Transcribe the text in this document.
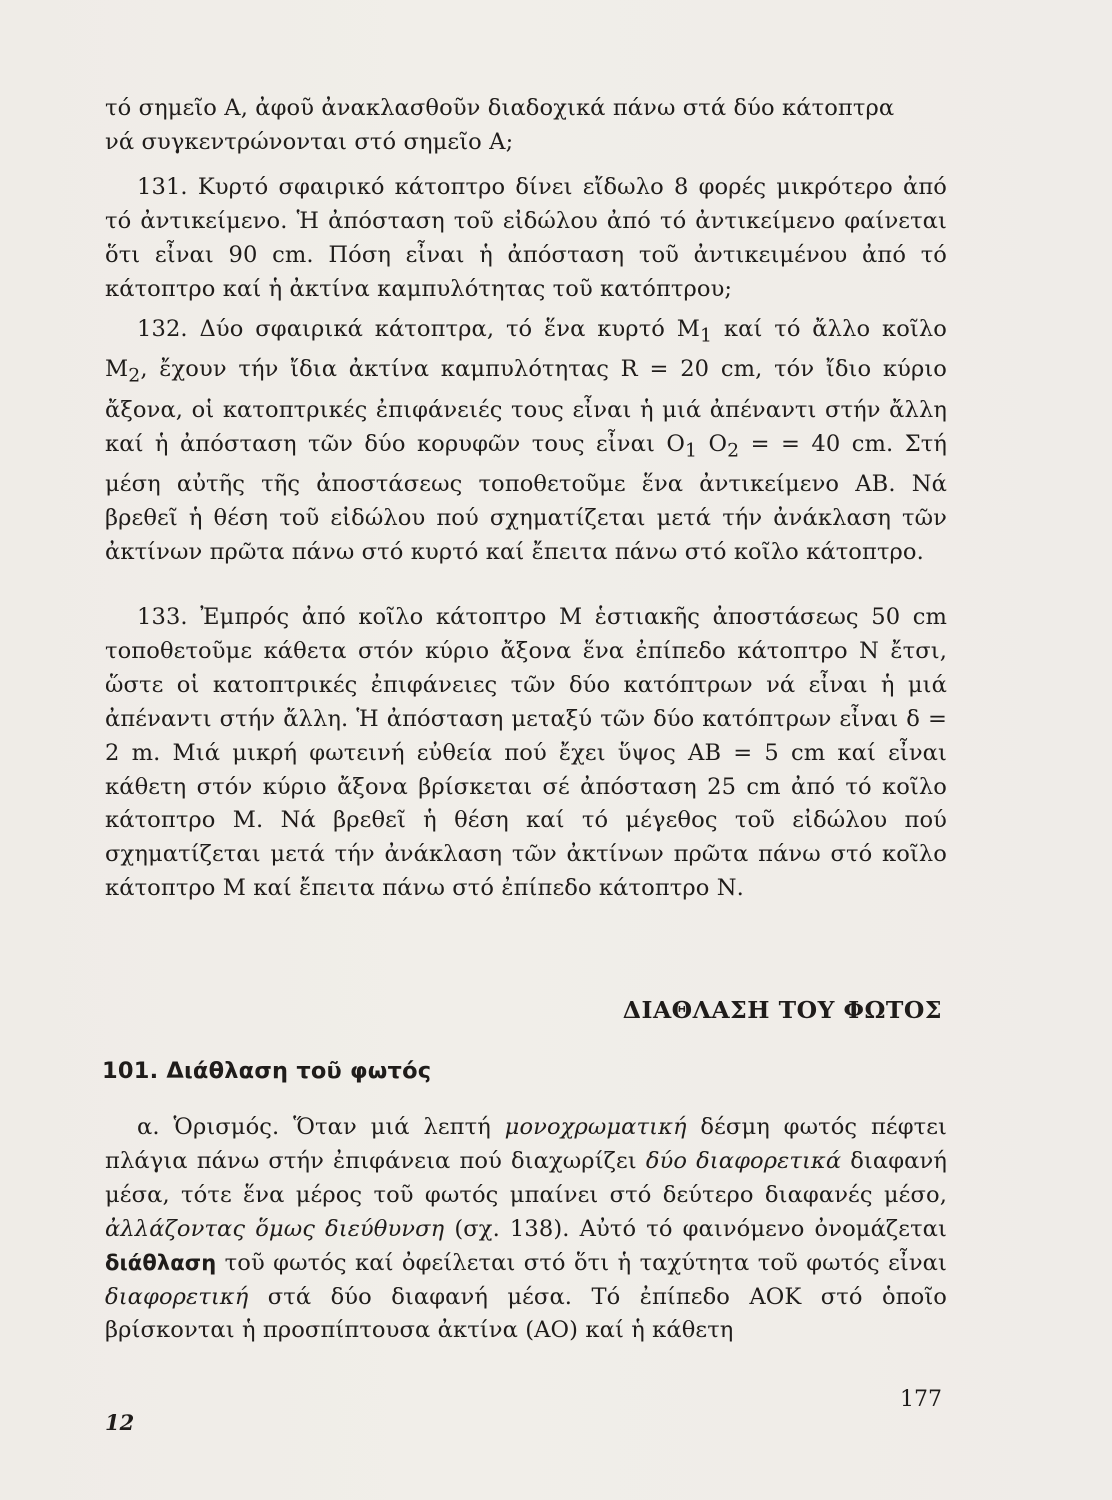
τό σημεῖο Α, ἀφοῦ ἀνακλασθοῦν διαδοχικά πάνω στά δύο κάτοπτρα

νά συγκεντρώνονται στό σημεῖο Α;

131. Κυρτό σφαιρικό κάτοπτρο δίνει εἴδωλο 8 φορές μικρότερο ἀπό τό ἀντικείμενο. Ἡ ἀπόσταση τοῦ εἰδώλου ἀπό τό ἀντικείμενο φαίνεται ὅτι εἶναι 90 cm. Πόση εἶναι ἡ ἀπόσταση τοῦ ἀντικειμένου ἀπό τό κάτοπτρο καί ἡ ἀκτίνα καμπυλότητας τοῦ κατόπτρου;

132. Δύο σφαιρικά κάτοπτρα, τό ἕνα κυρτό $M_1$ καί τό ἄλλο κοῖλο $M_2$, ἔχουν τήν ἴδια ἀκτίνα καμπυλότητας R = 20 cm, τόν ἴδιο κύριο ἄξονα, οἱ κατοπτρικές ἐπιφάνειές τους εἶναι ἡ μιά ἀπέναντι στήν ἄλλη καί ἡ ἀπόσταση τῶν δύο κορυφῶν τους εἶναι $O_1$ $O_2$ = = 40 cm. Στή μέση αὐτῆς τῆς ἀποστάσεως τοποθετοῦμε ἕνα ἀντικείμενο ΑΒ. Νά βρεθεῖ ἡ θέση τοῦ εἰδώλου πού σχηματίζεται μετά τήν ἀνάκλαση τῶν ἀκτίνων πρῶτα πάνω στό κυρτό καί ἔπειτα πάνω στό κοῖλο κάτοπτρο.

133. Ἐμπρός ἀπό κοῖλο κάτοπτρο Μ ἑστιακῆς ἀποστάσεως 50 cm τοποθετοῦμε κάθετα στόν κύριο ἄξονα ἕνα ἐπίπεδο κάτοπτρο Ν ἔτσι, ὥστε οἱ κατοπτρικές ἐπιφάνειες τῶν δύο κατόπτρων νά εἶναι ἡ μιά ἀπέναντι στήν ἄλλη. Ἡ ἀπόσταση μεταξύ τῶν δύο κατόπτρων εἶναι δ = 2 m. Μιά μικρή φωτεινή εὐθεία πού ἔχει ὕψος ΑΒ = 5 cm καί εἶναι κάθετη στόν κύριο ἄξονα βρίσκεται σέ ἀπόσταση 25 cm ἀπό τό κοῖλο κάτοπτρο Μ. Νά βρεθεῖ ἡ θέση καί τό μέγεθος τοῦ εἰδώλου πού σχηματίζεται μετά τήν ἀνάκλαση τῶν ἀκτίνων πρῶτα πάνω στό κοῖλο κάτοπτρο Μ καί ἔπειτα πάνω στό ἐπίπεδο κάτοπτρο Ν.

ΔΙΑΘΛΑΣΗ ΤΟΥ ΦΩΤΟΣ
101. Διάθλαση τοῦ φωτός

α. Ὁρισμός. Ὅταν μιά λεπτή μονοχρωματική δέσμη φωτός πέφτει πλάγια πάνω στήν ἐπιφάνεια πού διαχωρίζει δύο διαφορετικά διαφανή μέσα, τότε ἕνα μέρος τοῦ φωτός μπαίνει στό δεύτερο διαφανές μέσο, ἀλλάζοντας ὅμως διεύθυνση (σχ. 138). Αὐτό τό φαινόμενο ὀνομάζεται διάθλαση τοῦ φωτός καί ὀφείλεται στό ὅτι ἡ ταχύτητα τοῦ φωτός εἶναι διαφορετική στά δύο διαφανή μέσα. Τό ἐπίπεδο ΑΟΚ στό ὁποῖο βρίσκονται ἡ προσπίπτουσα ἀκτίνα (ΑΟ) καί ἡ κάθετη

177
12
